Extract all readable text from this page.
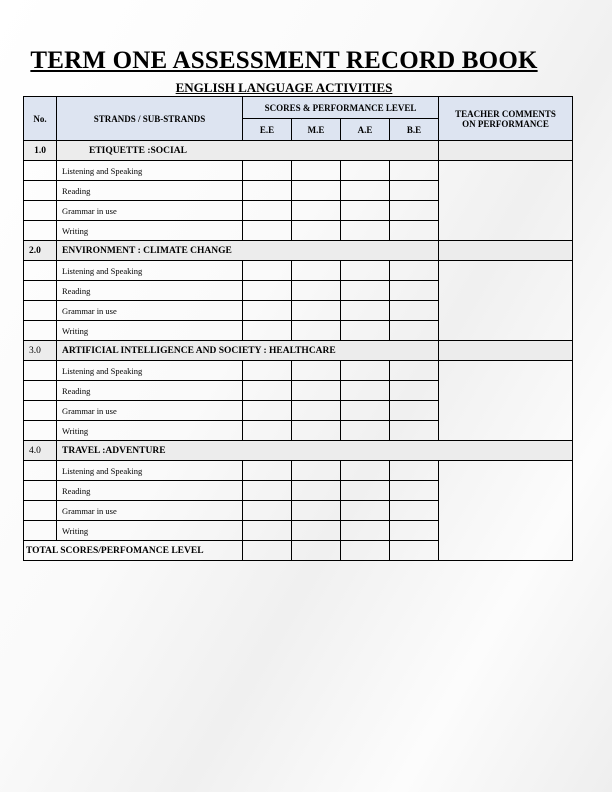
TERM ONE ASSESSMENT RECORD BOOK
ENGLISH LANGUAGE ACTIVITIES
No.	STRANDS / SUB-STRANDS	SCORES & PERFORMANCE LEVEL				TEACHER COMMENTS
ON PERFORMANCE
		E.E	M.E	A.E	B.E	
1.0	ETIQUETTE :SOCIAL					
	Listening and Speaking					
	Reading					
	Grammar in use					
	Writing					
2.0	ENVIRONMENT : CLIMATE CHANGE					
	Listening and Speaking					
	Reading					
	Grammar in use					
	Writing					
3.0	ARTIFICIAL INTELLIGENCE AND SOCIETY : HEALTHCARE					
	Listening and Speaking					
	Reading					
	Grammar in use					
	Writing					
4.0	TRAVEL :ADVENTURE					
	Listening and Speaking					
	Reading					
	Grammar in use					
	Writing					
TOTAL SCORES/PERFOMANCE LEVEL						
